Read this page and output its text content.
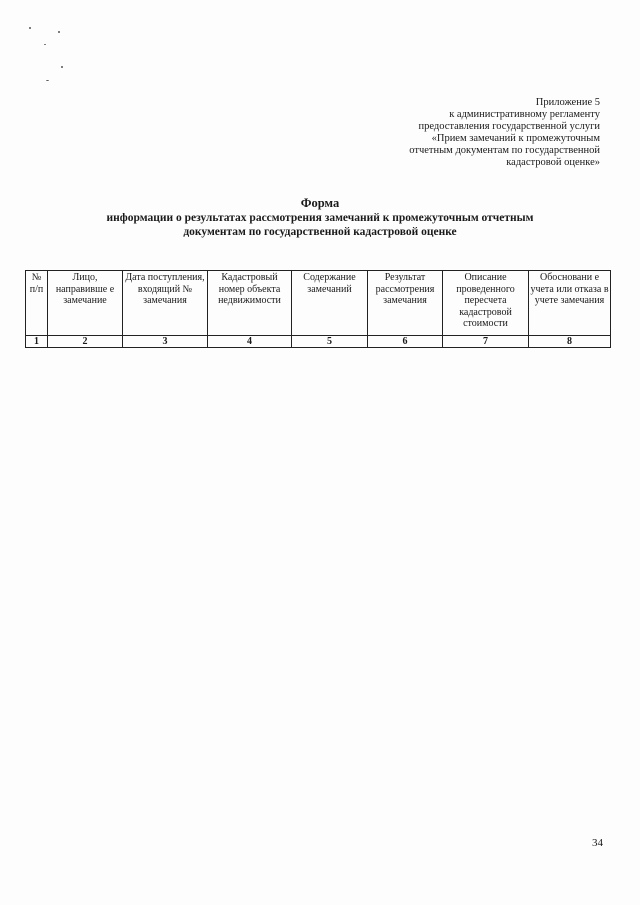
Приложение 5
к административному регламенту
предоставления государственной услуги
«Прием замечаний к промежуточным
отчетным документам по государственной
кадастровой оценке»
Форма
информации о результатах рассмотрения замечаний к промежуточным отчетным
документам по государственной кадастровой оценке
№ п/п	Лицо, направивше е замечание	Дата поступления, входящий № замечания	Кадастровый номер объекта недвижимости	Содержание замечаний	Результат рассмотрения замечания	Описание проведенного пересчета кадастровой стоимости	Обосновани е учета или отказа в учете замечания
1	2	3	4	5	6	7	8
34
